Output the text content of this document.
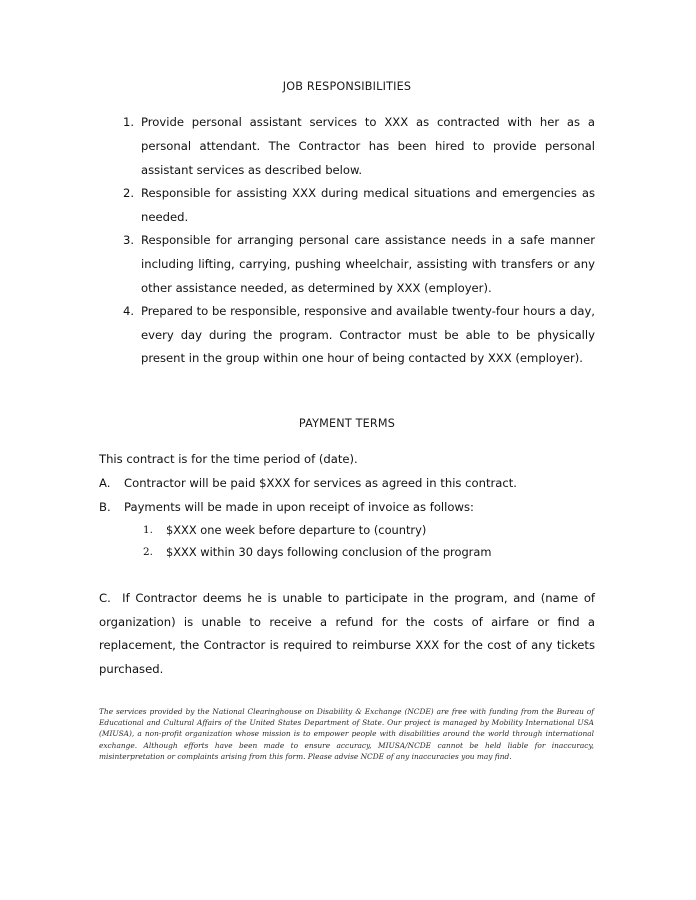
JOB RESPONSIBILITIES
1. Provide personal assistant services to XXX as contracted with her as a personal attendant. The Contractor has been hired to provide personal assistant services as described below.
2. Responsible for assisting XXX during medical situations and emergencies as needed.
3. Responsible for arranging personal care assistance needs in a safe manner including lifting, carrying, pushing wheelchair, assisting with transfers or any other assistance needed, as determined by XXX (employer).
4. Prepared to be responsible, responsive and available twenty-four hours a day, every day during the program. Contractor must be able to be physically present in the group within one hour of being contacted by XXX (employer).
PAYMENT TERMS
This contract is for the time period of (date).
A. Contractor will be paid $XXX for services as agreed in this contract.
B. Payments will be made in upon receipt of invoice as follows:
1. $XXX one week before departure to (country)
2. $XXX within 30 days following conclusion of the program
C. If Contractor deems he is unable to participate in the program, and (name of organization) is unable to receive a refund for the costs of airfare or find a replacement, the Contractor is required to reimburse XXX for the cost of any tickets purchased.
The services provided by the National Clearinghouse on Disability & Exchange (NCDE) are free with funding from the Bureau of Educational and Cultural Affairs of the United States Department of State. Our project is managed by Mobility International USA (MIUSA), a non-profit organization whose mission is to empower people with disabilities around the world through international exchange. Although efforts have been made to ensure accuracy, MIUSA/NCDE cannot be held liable for inaccuracy, misinterpretation or complaints arising from this form. Please advise NCDE of any inaccuracies you may find.
